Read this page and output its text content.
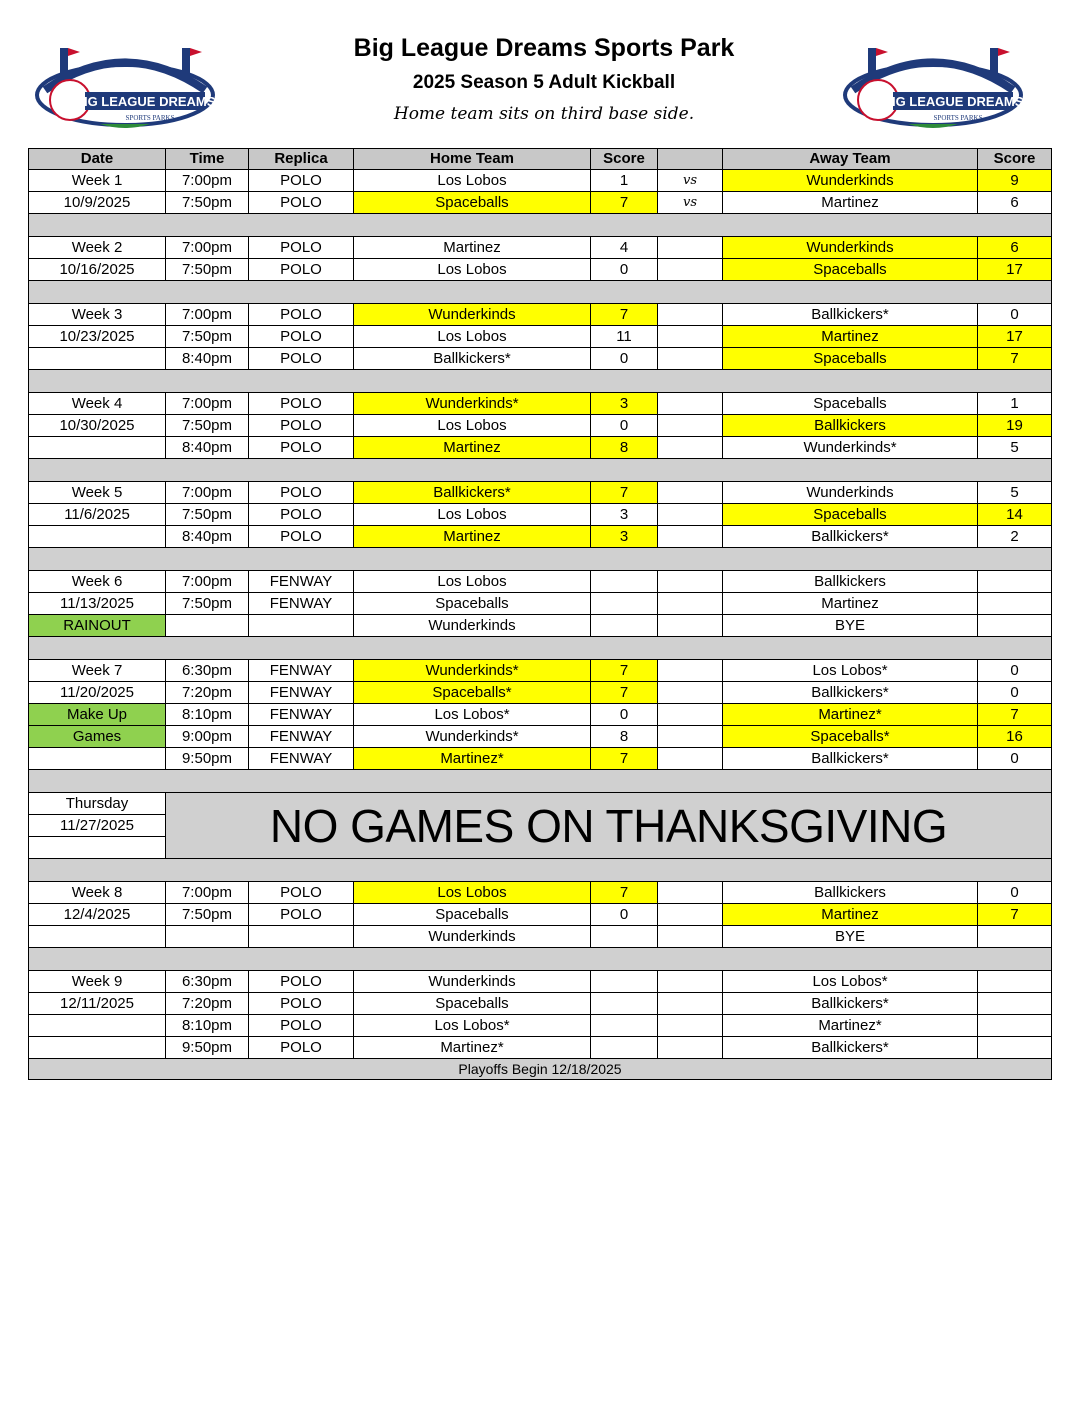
BIG LEAGUE DREAMS
SPORTS PARKS
Big League Dreams Sports Park
2025 Season 5 Adult Kickball
Home team sits on third base side.
BIG LEAGUE DREAMS
SPORTS PARKS
Date	Time	Replica	Home Team	Score		Away Team	Score
Week 1	7:00pm	POLO	Los Lobos	1	vs	Wunderkinds	9
10/9/2025	7:50pm	POLO	Spaceballs	7	vs	Martinez	6

Week 2	7:00pm	POLO	Martinez	4		Wunderkinds	6
10/16/2025	7:50pm	POLO	Los Lobos	0		Spaceballs	17

Week 3	7:00pm	POLO	Wunderkinds	7		Ballkickers*	0
10/23/2025	7:50pm	POLO	Los Lobos	11		Martinez	17
	8:40pm	POLO	Ballkickers*	0		Spaceballs	7

Week 4	7:00pm	POLO	Wunderkinds*	3		Spaceballs	1
10/30/2025	7:50pm	POLO	Los Lobos	0		Ballkickers	19
	8:40pm	POLO	Martinez	8		Wunderkinds*	5

Week 5	7:00pm	POLO	Ballkickers*	7		Wunderkinds	5
11/6/2025	7:50pm	POLO	Los Lobos	3		Spaceballs	14
	8:40pm	POLO	Martinez	3		Ballkickers*	2

Week 6	7:00pm	FENWAY	Los Lobos			Ballkickers	
11/13/2025	7:50pm	FENWAY	Spaceballs			Martinez	
RAINOUT			Wunderkinds			BYE	

Week 7	6:30pm	FENWAY	Wunderkinds*	7		Los Lobos*	0
11/20/2025	7:20pm	FENWAY	Spaceballs*	7		Ballkickers*	0
Make Up	8:10pm	FENWAY	Los Lobos*	0		Martinez*	7
Games	9:00pm	FENWAY	Wunderkinds*	8		Spaceballs*	16
	9:50pm	FENWAY	Martinez*	7		Ballkickers*	0

Thursday	NO GAMES ON THANKSGIVING						
11/27/2025							

Week 8	7:00pm	POLO	Los Lobos	7		Ballkickers	0
12/4/2025	7:50pm	POLO	Spaceballs	0		Martinez	7
			Wunderkinds			BYE	

Week 9	6:30pm	POLO	Wunderkinds			Los Lobos*	
12/11/2025	7:20pm	POLO	Spaceballs			Ballkickers*	
	8:10pm	POLO	Los Lobos*			Martinez*	
	9:50pm	POLO	Martinez*			Ballkickers*	
Playoffs Begin 12/18/2025							
